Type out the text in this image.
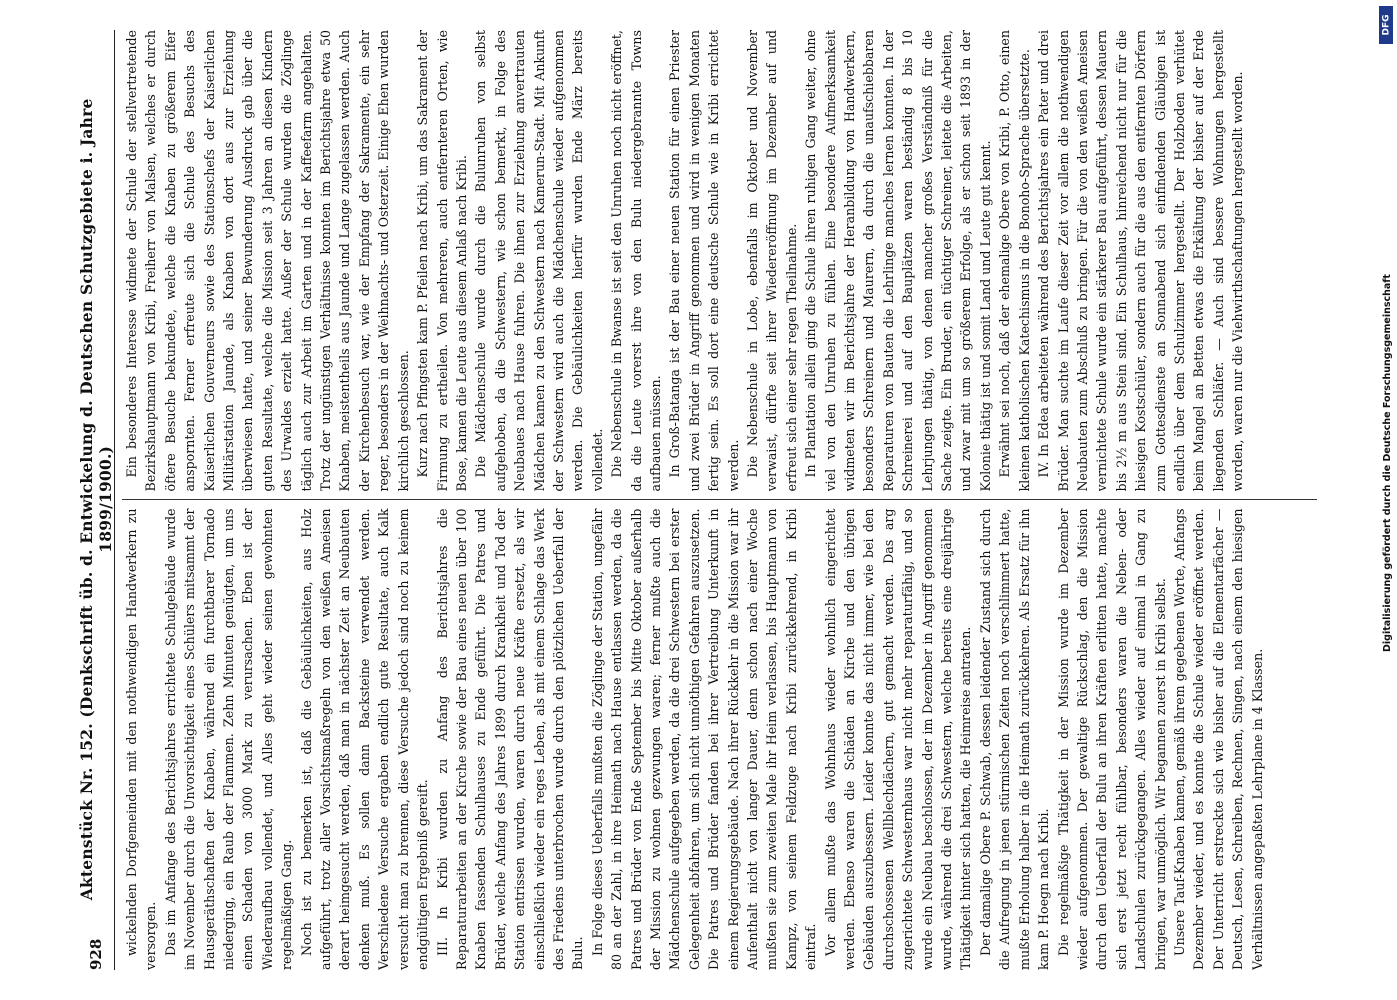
928
Aktenstück Nr. 152. (Denkschrift üb. d. Entwickelung d. Deutschen Schutzgebiete i. Jahre 1899/1900.)

wickelnden Dorfgemeinden mit den nothwendigen Handwerkern zu versorgen. Das im Anfange des Berichtsjahres errichtete Schulgebäude wurde im November durch die Unvorsichtigkeit eines Schülers mitsammt der Hausgeräthschaften der Knaben, während ein furchtbarer Tornado niederging, ein Raub der Flammen. Zehn Minuten genügten, um uns einen Schaden von 3000 Mark zu verursachen. Eben ist der Wiederaufbau vollendet, und Alles geht wieder seinen gewohnten regelmäßigen Gang. Noch ist zu bemerken ist, daß die Gebäulichkeiten, aus Holz aufgeführt, trotz aller Vorsichtsmaßregeln von den weißen Ameisen derart heimgesucht werden, daß man in nächster Zeit an Neubauten denken muß. Es sollen dann Backsteine verwendet werden. Verschiedene Versuche ergaben endlich gute Resultate, auch Kalk versucht man zu brennen, diese Versuche jedoch sind noch zu keinem endgültigen Ergebniß gereift. III. In Kribi wurden zu Anfang des Berichtsjahres die Reparaturarbeiten an der Kirche sowie der Bau eines neuen über 100 Knaben fassenden Schulhauses zu Ende geführt. Die Patres und Brüder, welche Anfang des Jahres 1899 durch Krankheit und Tod der Station entrissen wurden, waren durch neue Kräfte ersetzt, als wir einschließlich wieder ein reges Leben, als mit einem Schlage das Werk des Friedens unterbrochen wurde durch den plötzlichen Ueberfall der Bulu. In Folge dieses Ueberfalls mußten die Zöglinge der Station, ungefähr 80 an der Zahl, in ihre Heimath nach Hause entlassen werden, da die Patres und Brüder von Ende September bis Mitte Oktober außerhalb der Mission zu wohnen gezwungen waren; ferner mußte auch die Mädchenschule aufgegeben werden, da die drei Schwestern bei erster Gelegenheit abfahren, um sich nicht unnöthigen Gefahren auszusetzen. Die Patres und Brüder fanden bei ihrer Vertreibung Unterkunft in einem Regierungsgebäude. Nach ihrer Rückkehr in die Mission war ihr Aufenthalt nicht von langer Dauer, denn schon nach einer Woche mußten sie zum zweiten Male ihr Heim verlassen, bis Hauptmann von Kampz, von seinem Feldzuge nach Kribi zurückkehrend, in Kribi eintraf. Vor allem mußte das Wohnhaus wieder wohnlich eingerichtet werden. Ebenso waren die Schäden an Kirche und den übrigen Gebäuden auszubessern. Leider konnte das nicht immer, wie bei den durchschossenen Wellblechdächern, gut gemacht werden. Das arg zugerichtete Schwesternhaus war nicht mehr reparaturfähig, und so wurde ein Neubau beschlossen, der im Dezember in Angriff genommen wurde, während die drei Schwestern, welche bereits eine dreijährige Thätigkeit hinter sich hatten, die Heimreise antraten. Der damalige Obere P. Schwab, dessen leidender Zustand sich durch die Aufregung in jenen stürmischen Zeiten noch verschlimmert hatte, mußte Erholung halber in die Heimath zurückkehren. Als Ersatz für ihn kam P. Hoegn nach Kribi. Die regelmäßige Thätigkeit in der Mission wurde im Dezember wieder aufgenommen. Der gewaltige Rückschlag, den die Mission durch den Ueberfall der Bulu an ihren Kräften erlitten hatte, machte sich erst jetzt recht fühlbar, besonders waren die Neben- oder Landschulen zurückgegangen. Alles wieder auf einmal in Gang zu bringen, war unmöglich. Wir begannen zuerst in Kribi selbst. Unsere Tauf-Knaben kamen, gemäß ihrem gegebenen Worte, Anfangs Dezember wieder, und es konnte die Schule wieder eröffnet werden. Der Unterricht erstreckte sich wie bisher auf die Elementarfächer — Deutsch, Lesen, Schreiben, Rechnen, Singen, nach einem den hiesigen Verhältnissen angepaßten Lehrplane in 4 Klassen.

Ein besonderes Interesse widmete der Schule der stellvertretende Bezirkshauptmann von Kribi, Freiherr von Malsen, welches er durch öftere Besuche bekundete, welche die Knaben zu größerem Eifer anspornten. Ferner erfreute sich die Schule des Besuchs des Kaiserlichen Gouverneurs sowie des Stationschefs der Kaiserlichen Militärstation Jaunde, als Knaben von dort aus zur Erziehung überwiesen hatte, und seiner Bewunderung Ausdruck gab über die guten Resultate, welche die Mission seit 3 Jahren an diesen Kindern des Urwaldes erzielt hatte. Außer der Schule wurden die Zöglinge täglich auch zur Arbeit im Garten und in der Kaffeefarm angehalten. Trotz der ungünstigen Verhältnisse konnten im Berichtsjahre etwa 50 Knaben, meistentheils aus Jaunde und Lange zugelassen werden. Auch der Kirchenbesuch war, wie der Empfang der Sakramente, ein sehr reger, besonders in der Weihnachts- und Osterzeit. Einige Ehen wurden kirchlich geschlossen. Kurz nach Pfingsten kam P. Pfeilen nach Kribi, um das Sakrament der Firmung zu ertheilen. Von mehreren, auch entfernteren Orten, wie Bose, kamen die Leute aus diesem Anlaß nach Kribi. Die Mädchenschule wurde durch die Bulunruhen von selbst aufgehoben, da die Schwestern, wie schon bemerkt, in Folge des Neubaues nach Hause fuhren. Die ihnen zur Erziehung anvertrauten Mädchen kamen zu den Schwestern nach Kamerun-Stadt. Mit Ankunft der Schwestern wird auch die Mädchenschule wieder aufgenommen werden. Die Gebäulichkeiten hierfür wurden Ende März bereits vollendet. Die Nebenschule in Bwanse ist seit den Unruhen noch nicht eröffnet, da die Leute vorerst ihre von den Bulu niedergebrannte Towns aufbauen müssen. In Groß-Batanga ist der Bau einer neuen Station für einen Priester und zwei Brüder in Angriff genommen und wird in wenigen Monaten fertig sein. Es soll dort eine deutsche Schule wie in Kribi errichtet werden. Die Nebenschule in Lobe, ebenfalls im Oktober und November verwaist, dürfte seit ihrer Wiedereröffnung im Dezember auf und erfreut sich einer sehr regen Theilnahme. In Plantation allein ging die Schule ihren ruhigen Gang weiter, ohne viel von den Unruhen zu fühlen. Eine besondere Aufmerksamkeit widmeten wir im Berichtsjahre der Heranbildung von Handwerkern, besonders Schreinern und Maurern, da durch die unaufschiebbaren Reparaturen von Bauten die Lehrlinge manches lernen konnten. In der Schreinerei und auf den Bauplätzen waren beständig 8 bis 10 Lehrjungen thätig, von denen mancher großes Verständniß für die Sache zeigte. Ein Bruder, ein tüchtiger Schreiner, leitete die Arbeiten, und zwar mit um so größerem Erfolge, als er schon seit 1893 in der Kolonie thätig ist und somit Land und Leute gut kennt. Erwähnt sei noch, daß der ehemalige Obere von Kribi, P. Otto, einen kleinen katholischen Katechismus in die Bonoho-Sprache übersetzte. IV. In Edea arbeiteten während des Berichtsjahres ein Pater und drei Brüder. Man suchte im Laufe dieser Zeit vor allem die nothwendigen Neubauten zum Abschluß zu bringen. Für die von den weißen Ameisen vernichtete Schule wurde ein stärkerer Bau aufgeführt, dessen Mauern bis 2½ m aus Stein sind. Ein Schulhaus, hinreichend nicht nur für die hiesigen Kostschüler, sondern auch für die aus den entfernten Dörfern zum Gottesdienste an Sonnabend sich einfindenden Gläubigen ist endlich über dem Schulzimmer hergestellt. Der Holzboden verhütet beim Mangel an Betten etwas die Erkältung der bisher auf der Erde liegenden Schläfer. — Auch sind bessere Wohnungen hergestellt worden, waren nur die Viehwirthschaftungen hergestellt worden.

DFG
Digitalisierung gefördert durch die Deutsche Forschungsgemeinschaft
